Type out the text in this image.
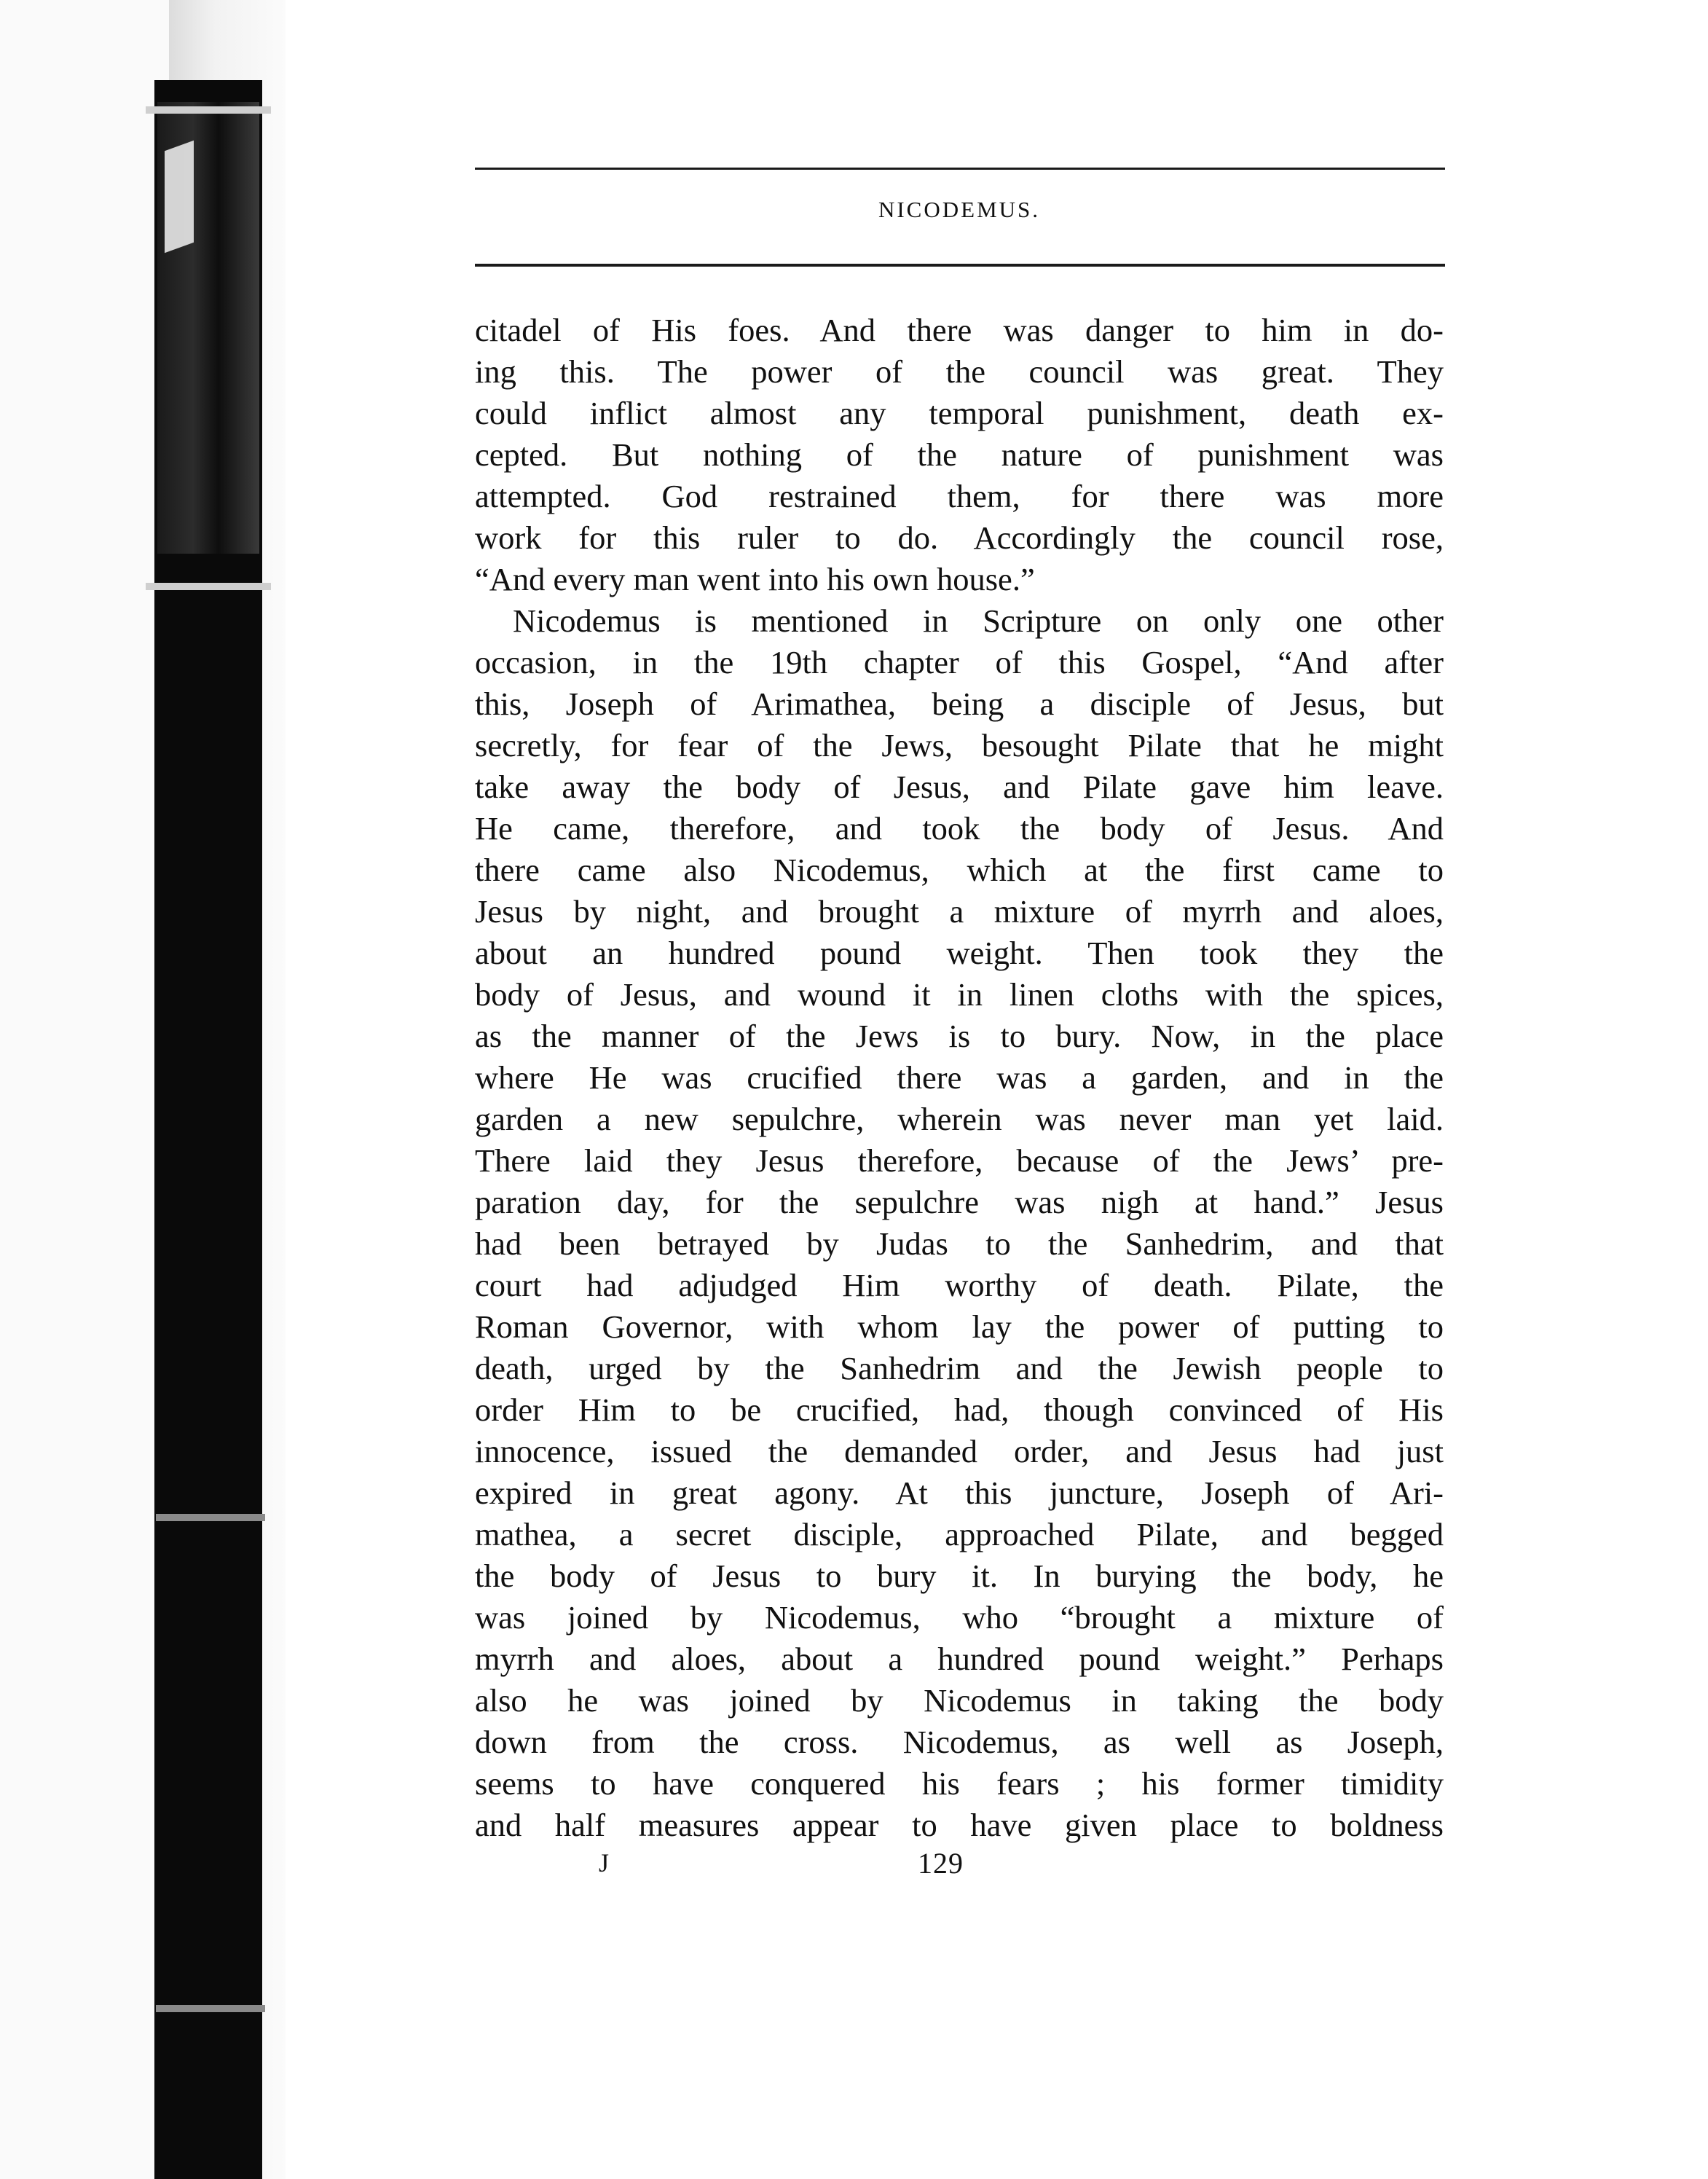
NICODEMUS.
citadel of His foes. And there was danger to him in do-
ing this. The power of the council was great. They
could inflict almost any temporal punishment, death ex-
cepted. But nothing of the nature of punishment was
attempted. God restrained them, for there was more
work for this ruler to do. Accordingly the council rose,
“And every man went into his own house.”
Nicodemus is mentioned in Scripture on only one other
occasion, in the 19th chapter of this Gospel, “And after
this, Joseph of Arimathea, being a disciple of Jesus, but
secretly, for fear of the Jews, besought Pilate that he might
take away the body of Jesus, and Pilate gave him leave.
He came, therefore, and took the body of Jesus. And
there came also Nicodemus, which at the first came to
Jesus by night, and brought a mixture of myrrh and aloes,
about an hundred pound weight. Then took they the
body of Jesus, and wound it in linen cloths with the spices,
as the manner of the Jews is to bury. Now, in the place
where He was crucified there was a garden, and in the
garden a new sepulchre, wherein was never man yet laid.
There laid they Jesus therefore, because of the Jews’ pre-
paration day, for the sepulchre was nigh at hand.” Jesus
had been betrayed by Judas to the Sanhedrim, and that
court had adjudged Him worthy of death. Pilate, the
Roman Governor, with whom lay the power of putting to
death, urged by the Sanhedrim and the Jewish people to
order Him to be crucified, had, though convinced of His
innocence, issued the demanded order, and Jesus had just
expired in great agony. At this juncture, Joseph of Ari-
mathea, a secret disciple, approached Pilate, and begged
the body of Jesus to bury it. In burying the body, he
was joined by Nicodemus, who “brought a mixture of
myrrh and aloes, about a hundred pound weight.” Perhaps
also he was joined by Nicodemus in taking the body
down from the cross. Nicodemus, as well as Joseph,
seems to have conquered his fears ; his former timidity
and half measures appear to have given place to boldness
J	129
